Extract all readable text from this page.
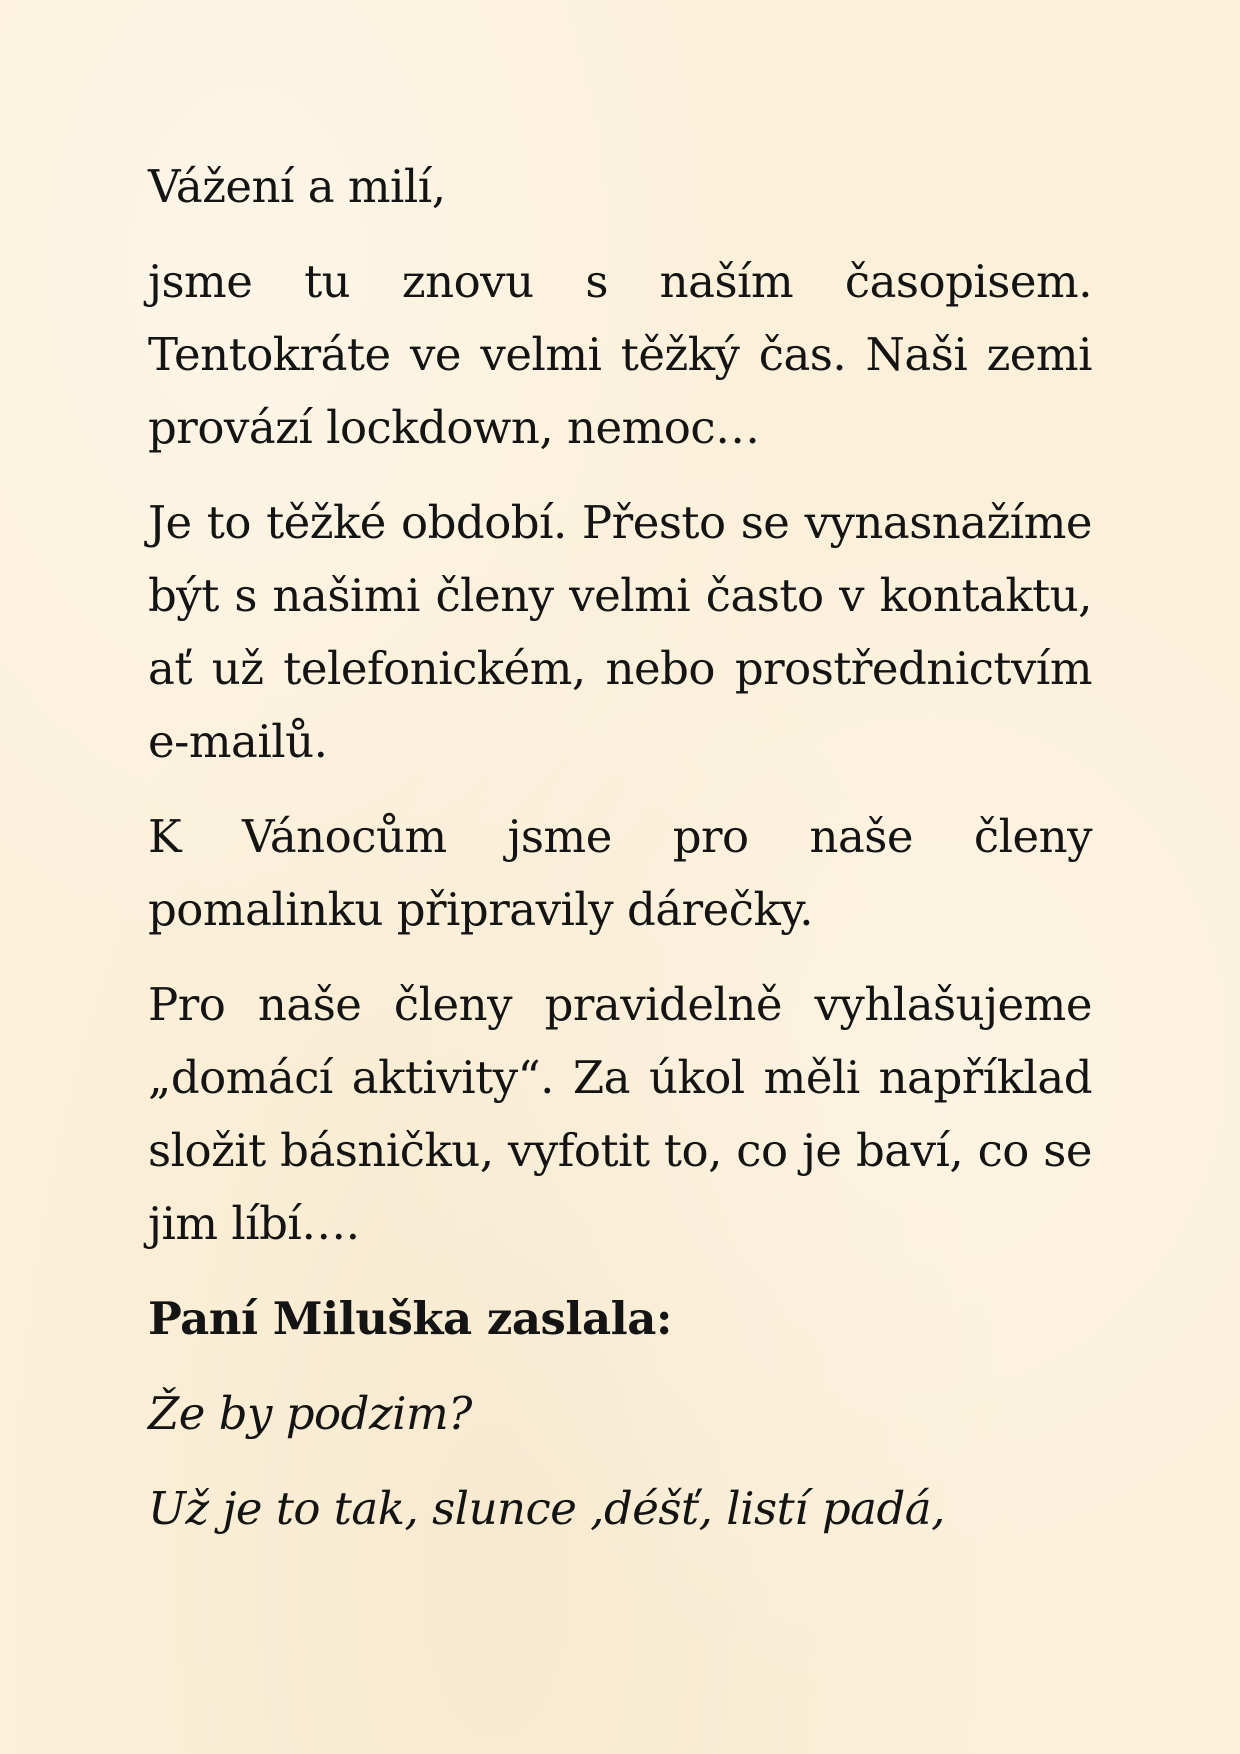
Vážení a milí,

jsme tu znovu s naším časopisem. Tentokráte ve velmi těžký čas. Naši zemi provází lockdown, nemoc…

Je to těžké období. Přesto se vynasnažíme být s našimi členy velmi často v kontaktu, ať už telefonickém, nebo prostřednictvím e-mailů.

K Vánocům jsme pro naše členy pomalinku připravily dárečky.

Pro naše členy pravidelně vyhlašujeme „domácí aktivity“. Za úkol měli například složit básničku, vyfotit to, co je baví, co se jim líbí….

Paní Miluška zaslala:

Že by podzim?

Už je to tak, slunce ,déšť, listí padá,
